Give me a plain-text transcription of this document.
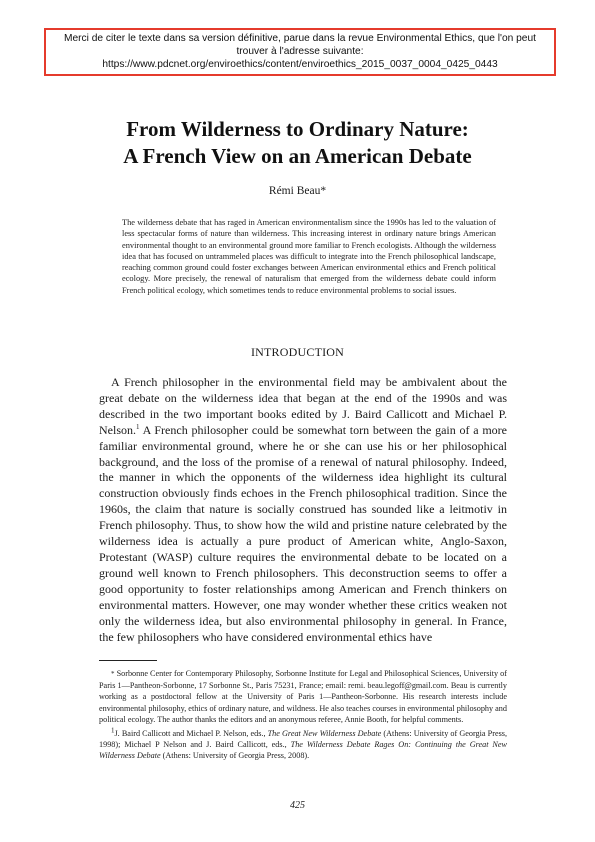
Merci de citer le texte dans sa version définitive, parue dans la revue Environmental Ethics, que l'on peut
trouver à l'adresse suivante:
https://www.pdcnet.org/enviroethics/content/enviroethics_2015_0037_0004_0425_0443
From Wilderness to Ordinary Nature:
A French View on an American Debate
Rémi Beau*
The wilderness debate that has raged in American environmentalism since the 1990s has led to the valuation of less spectacular forms of nature than wilderness. This increasing interest in ordinary nature brings American environmental thought to an environmental ground more familiar to French ecologists. Although the wilderness idea that has focused on untrammeled places was difficult to integrate into the French philosophical landscape, reaching common ground could foster exchanges between American environmental ethics and French political ecology. More precisely, the renewal of naturalism that emerged from the wilderness debate could inform French political ecology, which sometimes tends to reduce environmental problems to social issues.
INTRODUCTION
A French philosopher in the environmental field may be ambivalent about the great debate on the wilderness idea that began at the end of the 1990s and was described in the two important books edited by J. Baird Callicott and Michael P. Nelson.$^1$ A French philosopher could be somewhat torn between the gain of a more familiar environmental ground, where he or she can use his or her philosophical background, and the loss of the promise of a renewal of natural philosophy. Indeed, the manner in which the opponents of the wilderness idea highlight its cultural construction obviously finds echoes in the French philosophical tradition. Since the 1960s, the claim that nature is socially construed has sounded like a leitmotiv in French philosophy. Thus, to show how the wild and pristine nature celebrated by the wilderness idea is actually a pure product of American white, Anglo-Saxon, Protestant (WASP) culture requires the environmental debate to be located on a ground well known to French philosophers. This deconstruction seems to offer a good opportunity to foster relationships among American and French thinkers on environmental matters. However, one may wonder whether these critics weaken not only the wilderness idea, but also environmental philosophy in general. In France, the few philosophers who have considered environmental ethics have

* Sorbonne Center for Contemporary Philosophy, Sorbonne Institute for Legal and Philosophical Sciences, University of Paris 1—Pantheon-Sorbonne, 17 Sorbonne St., Paris 75231, France; email: remi. beau.legoff@gmail.com. Beau is currently working as a postdoctoral fellow at the University of Paris 1—Pantheon-Sorbonne. His research interests include environmental philosophy, ethics of ordinary nature, and wildness. He also teaches courses in environmental philosophy and political ecology. The author thanks the editors and an anonymous referee, Annie Booth, for helpful comments.

$^1$J. Baird Callicott and Michael P. Nelson, eds., The Great New Wilderness Debate (Athens: University of Georgia Press, 1998); Michael P Nelson and J. Baird Callicott, eds., The Wilderness Debate Rages On: Continuing the Great New Wilderness Debate (Athens: University of Georgia Press, 2008).

425
